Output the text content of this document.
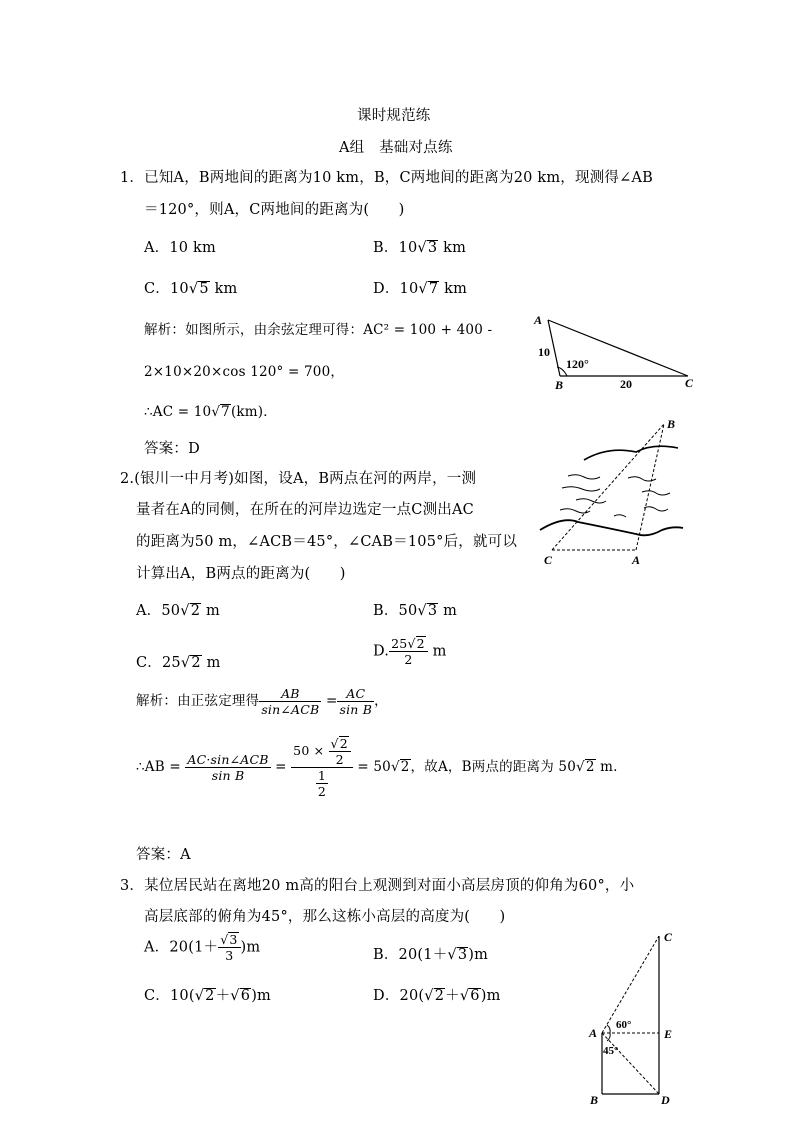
课时规范练
A组　基础对点练
1．已知A，B两地间的距离为10 km，B，C两地间的距离为20 km，现测得∠AB
＝120°，则A，C两地间的距离为(　　)
A．10 km	B．10√3 km
C．10√5 km	D．10√7 km
解析：如图所示，由余弦定理可得：AC² = 100 + 400 -
2×10×20×cos 120° = 700，
∴AC = 10√7(km)．
答案：D
A
B	C
10
120°
20
2.(银川一中月考)如图，设A，B两点在河的两岸，一测
量者在A的同侧，在所在的河岸边选定一点C测出AC
的距离为50 m，∠ACB＝45°，∠CAB＝105°后，就可以
计算出A，B两点的距离为(　　)
A．50√2 m	B．50√3 m
C．25√2 m
D. $\frac{25√2}{2}$ m
C	A
B
解析：由正弦定理得 $\frac{AB}{\text{sin∠ACB}} = \frac{AC}{\text{sin B}}$ ，
∴AB = $\frac{\text{AC·sin∠ACB}}{\text{sin B}} = \frac{50 \times \frac{√2}{2}}{\frac{1}{2}} = 50√2$，故A，B两点的距离为 50√2 m.
答案：A
3．某位居民站在离地20 m高的阳台上观测到对面小高层房顶的仰角为60°，小
高层底部的俯角为45°，那么这栋小高层的高度为(　　)
A．$20(1+ \frac{√3}{3} )m$	B．20(1＋√3)m
C．10(√2＋√6)m	D．20(√2＋√6)m
C
A	E
B	D
60°
45°
